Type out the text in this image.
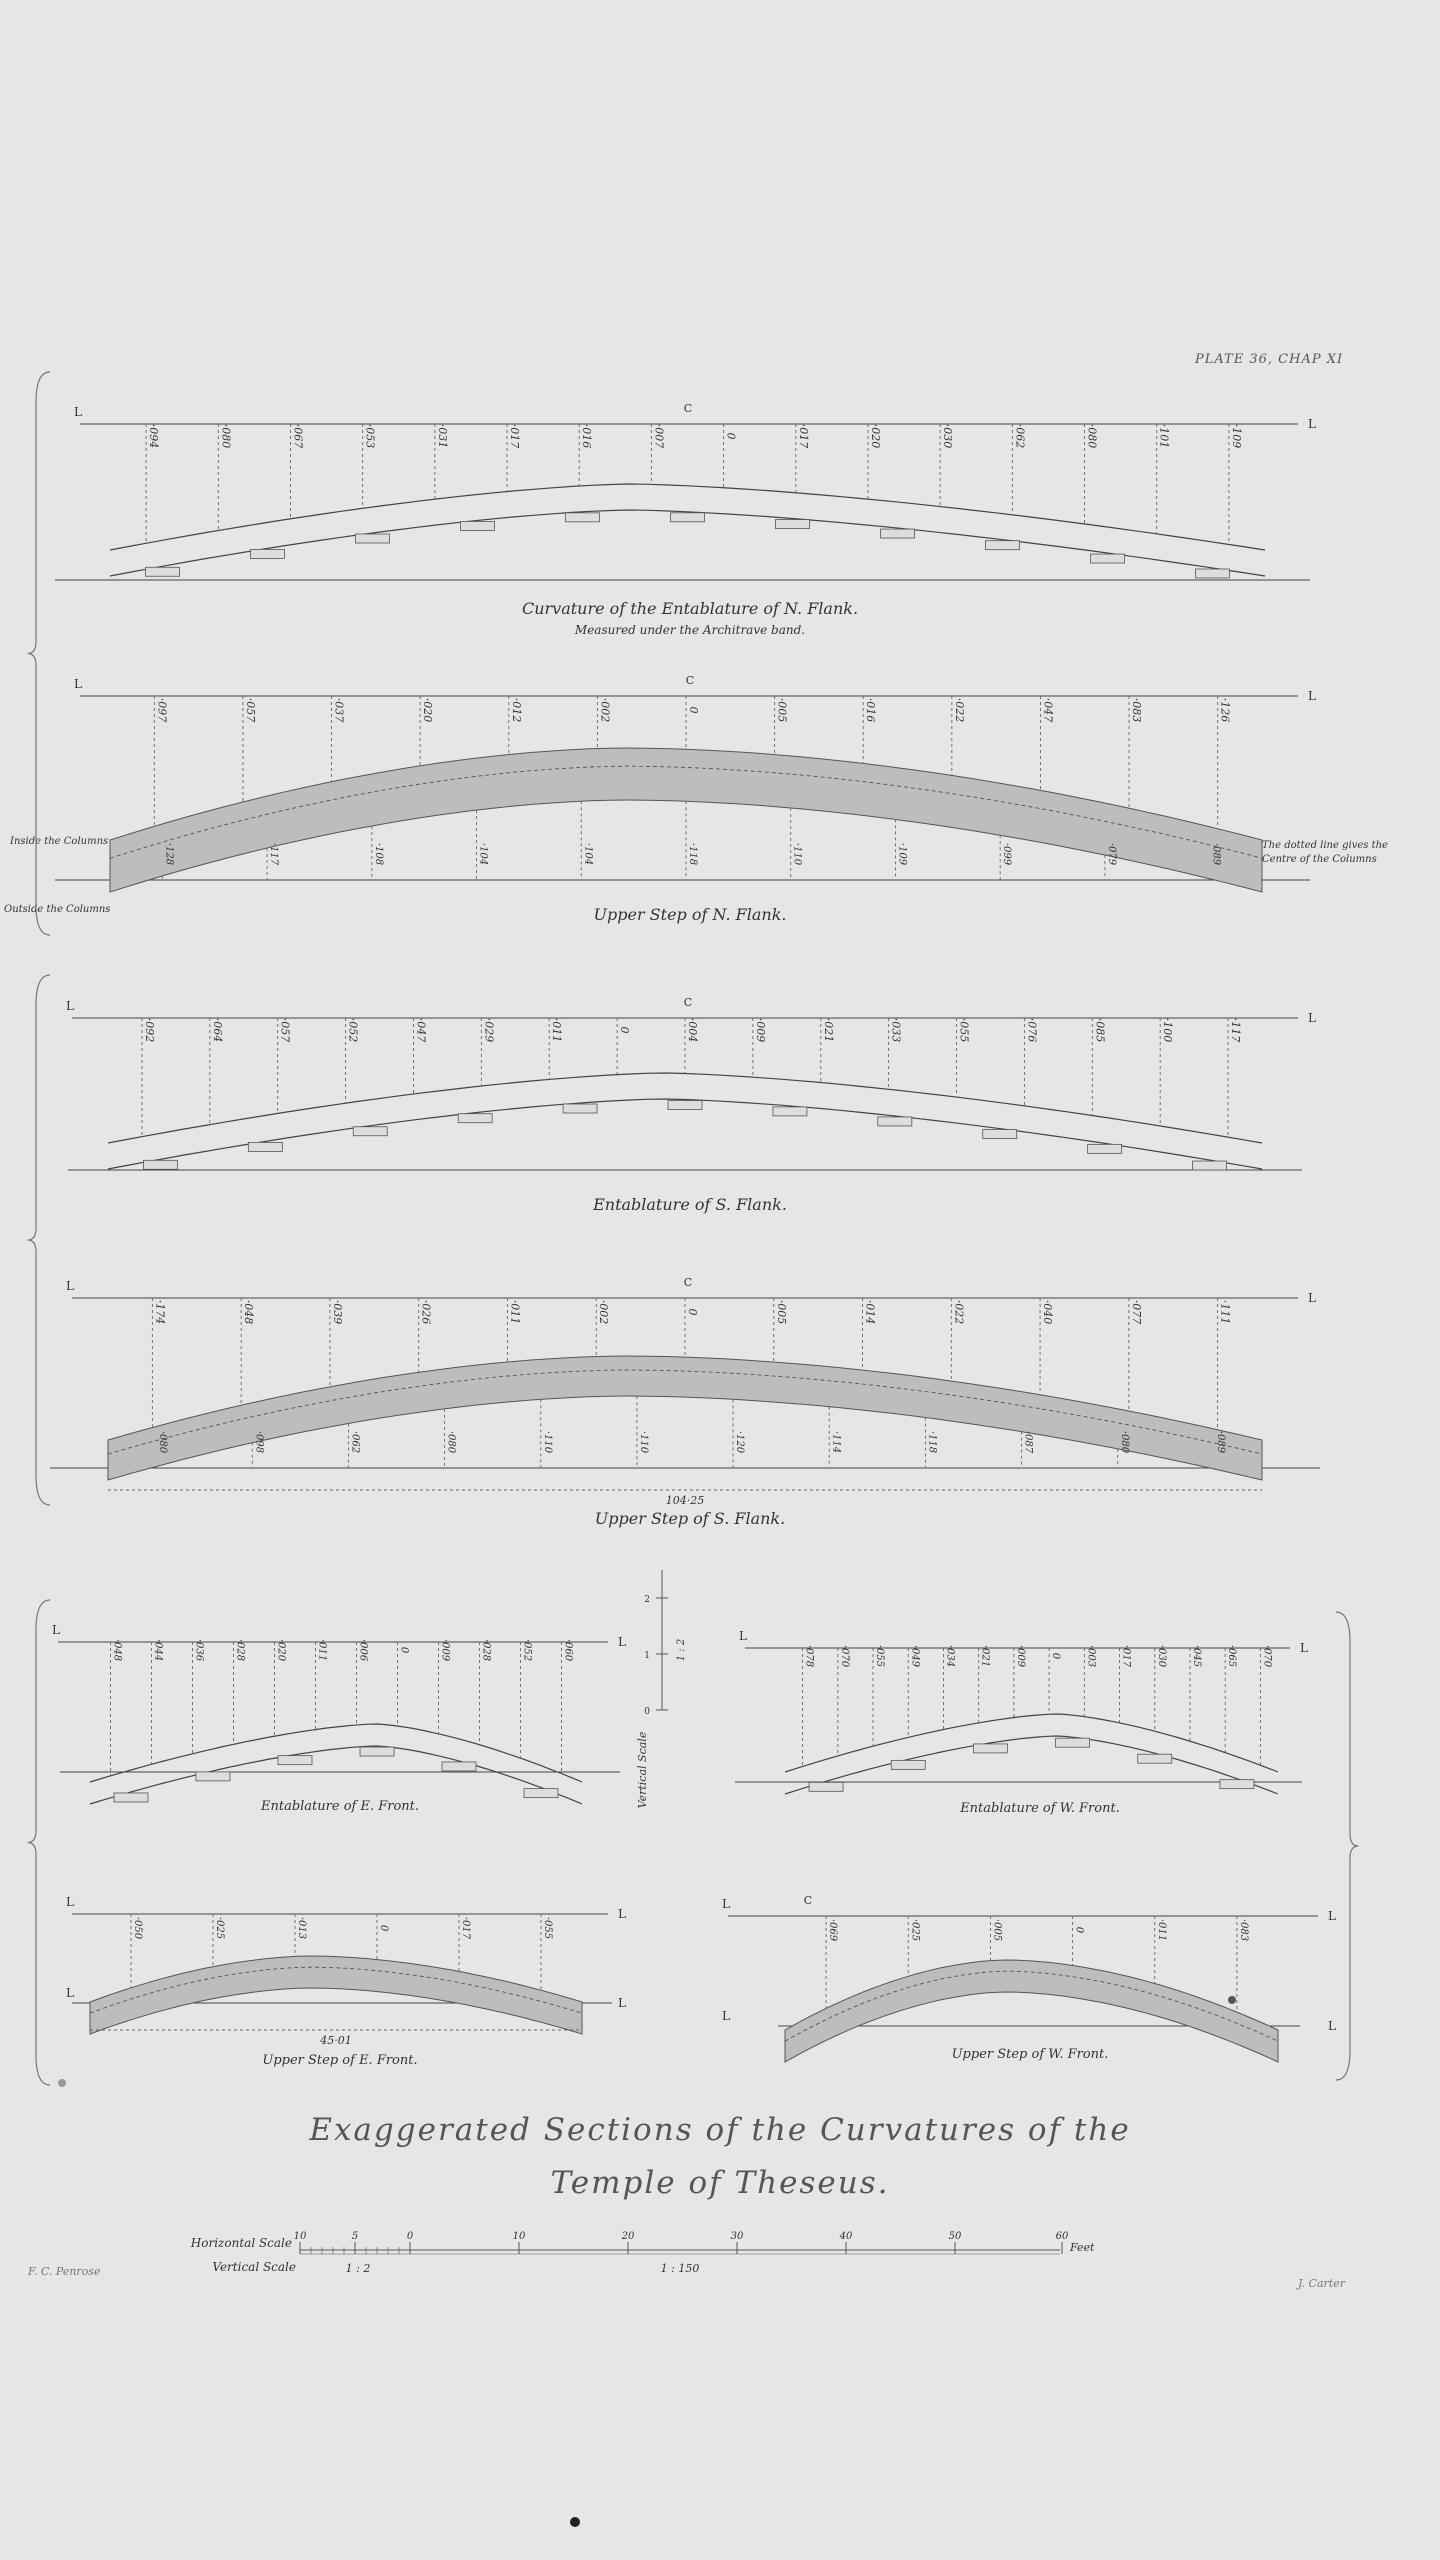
L
L
C
·094	·080	·067	·053	·031	·017	·016	·007	0	·017	·020	·030	·062	·080	·101	·109
Curvature of the Entablature of N. Flank.
Measured under the Architrave band.
L
L
C
·097	·057	·037	·020	·012	·002	0	·005	·016	·022	·047	·083	·126
·128	·117	·108	·104	·104	·118	·110	·109	·099	·079	·089
Inside the Columns
Outside the Columns
The dotted line gives the
Centre of the Columns
Upper Step of N. Flank.
L
L
C
·092	·064	·057	·052	·047	·029	·011	0	·004	·009	·021	·033	·055	·076	·085	·100	·117
Entablature of S. Flank.
L
L
C
·174	·048	·039	·026	·011	·002	0	·005	·014	·022	·040	·077	·111
·080	·098	·062	·080	·110	·110	·120	·114	·118	·087	·080	·089
104·25
Upper Step of S. Flank.
L
L
·048	·044	·036	·028	·020	·011	·006	0	·009	·028	·052	·060
Entablature of E. Front.
L
L
·078 ·070 ·055 ·049 ·034 ·021 ·009 0 ·003 ·017 ·030 ·045 ·065 ·070
Entablature of W. Front.
L
L
L
L
·050	·025	·013	0	·017	·055
45·01
Upper Step of E. Front.
L
L
L
L
C
·069	·025	·005	0	·011	·083
Upper Step of W. Front.
0
1
2
Vertical Scale
1 : 2
Horizontal Scale
Vertical Scale
10	5	0	10	20	30	40	50	60
Feet
1 : 2	1 : 150
PLATE 36, CHAP XI
Exaggerated Sections of the Curvatures of the
Temple of Theseus.
F. C. Penrose
J. Carter
